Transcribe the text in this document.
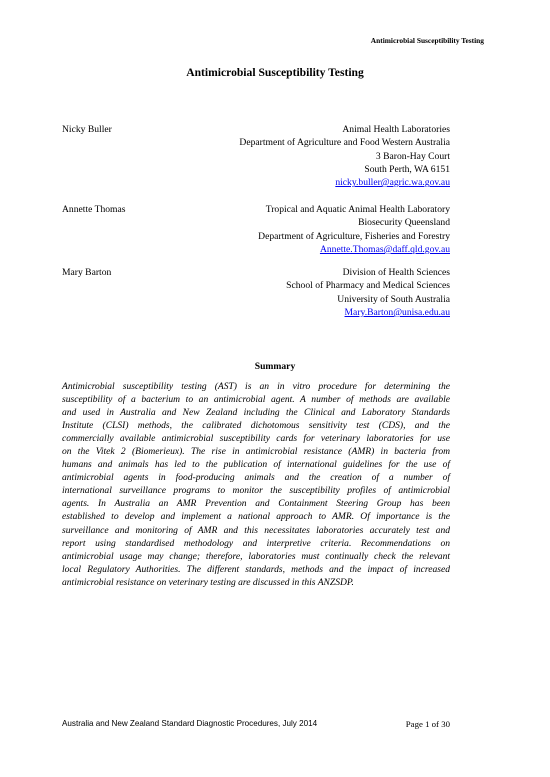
Antimicrobial Susceptibility Testing
Antimicrobial Susceptibility Testing
Nicky Buller	Animal Health Laboratories
Department of Agriculture and Food Western Australia
3 Baron-Hay Court
South Perth, WA 6151
nicky.buller@agric.wa.gov.au
Annette Thomas	Tropical and Aquatic Animal Health Laboratory
Biosecurity Queensland
Department of Agriculture, Fisheries and Forestry
Annette.Thomas@daff.qld.gov.au
Mary Barton	Division of Health Sciences
School of Pharmacy and Medical Sciences
University of South Australia
Mary.Barton@unisa.edu.au
Summary
Antimicrobial susceptibility testing (AST) is an in vitro procedure for determining the
susceptibility of a bacterium to an antimicrobial agent. A number of methods are available
and used in Australia and New Zealand including the Clinical and Laboratory Standards
Institute (CLSI) methods, the calibrated dichotomous sensitivity test (CDS), and the
commercially available antimicrobial susceptibility cards for veterinary laboratories for use
on the Vitek 2 (Biomerieux). The rise in antimicrobial resistance (AMR) in bacteria from
humans and animals has led to the publication of international guidelines for the use of
antimicrobial agents in food-producing animals and the creation of a number of
international surveillance programs to monitor the susceptibility profiles of antimicrobial
agents. In Australia an AMR Prevention and Containment Steering Group has been
established to develop and implement a national approach to AMR. Of importance is the
surveillance and monitoring of AMR and this necessitates laboratories accurately test and
report using standardised methodology and interpretive criteria. Recommendations on
antimicrobial usage may change; therefore, laboratories must continually check the relevant
local Regulatory Authorities. The different standards, methods and the impact of increased
antimicrobial resistance on veterinary testing are discussed in this ANZSDP.
Australia and New Zealand Standard Diagnostic Procedures, July 2014	Page 1 of 30
